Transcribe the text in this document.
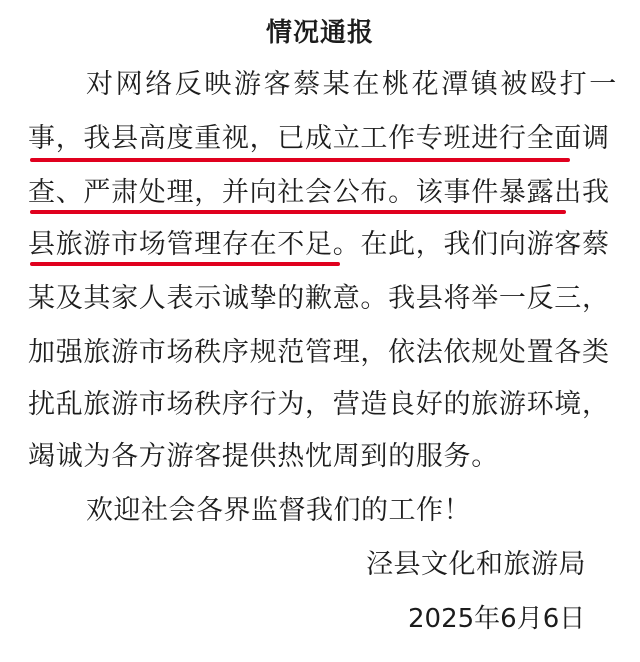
情况通报
对网络反映游客蔡某在桃花潭镇被殴打一
事，我县高度重视，已成立工作专班进行全面调
查、严肃处理，并向社会公布。该事件暴露出我
县旅游市场管理存在不足。在此，我们向游客蔡
某及其家人表示诚挚的歉意。我县将举一反三，
加强旅游市场秩序规范管理，依法依规处置各类
扰乱旅游市场秩序行为，营造良好的旅游环境，
竭诚为各方游客提供热忱周到的服务。
欢迎社会各界监督我们的工作！
泾县文化和旅游局
2025年6月6日
